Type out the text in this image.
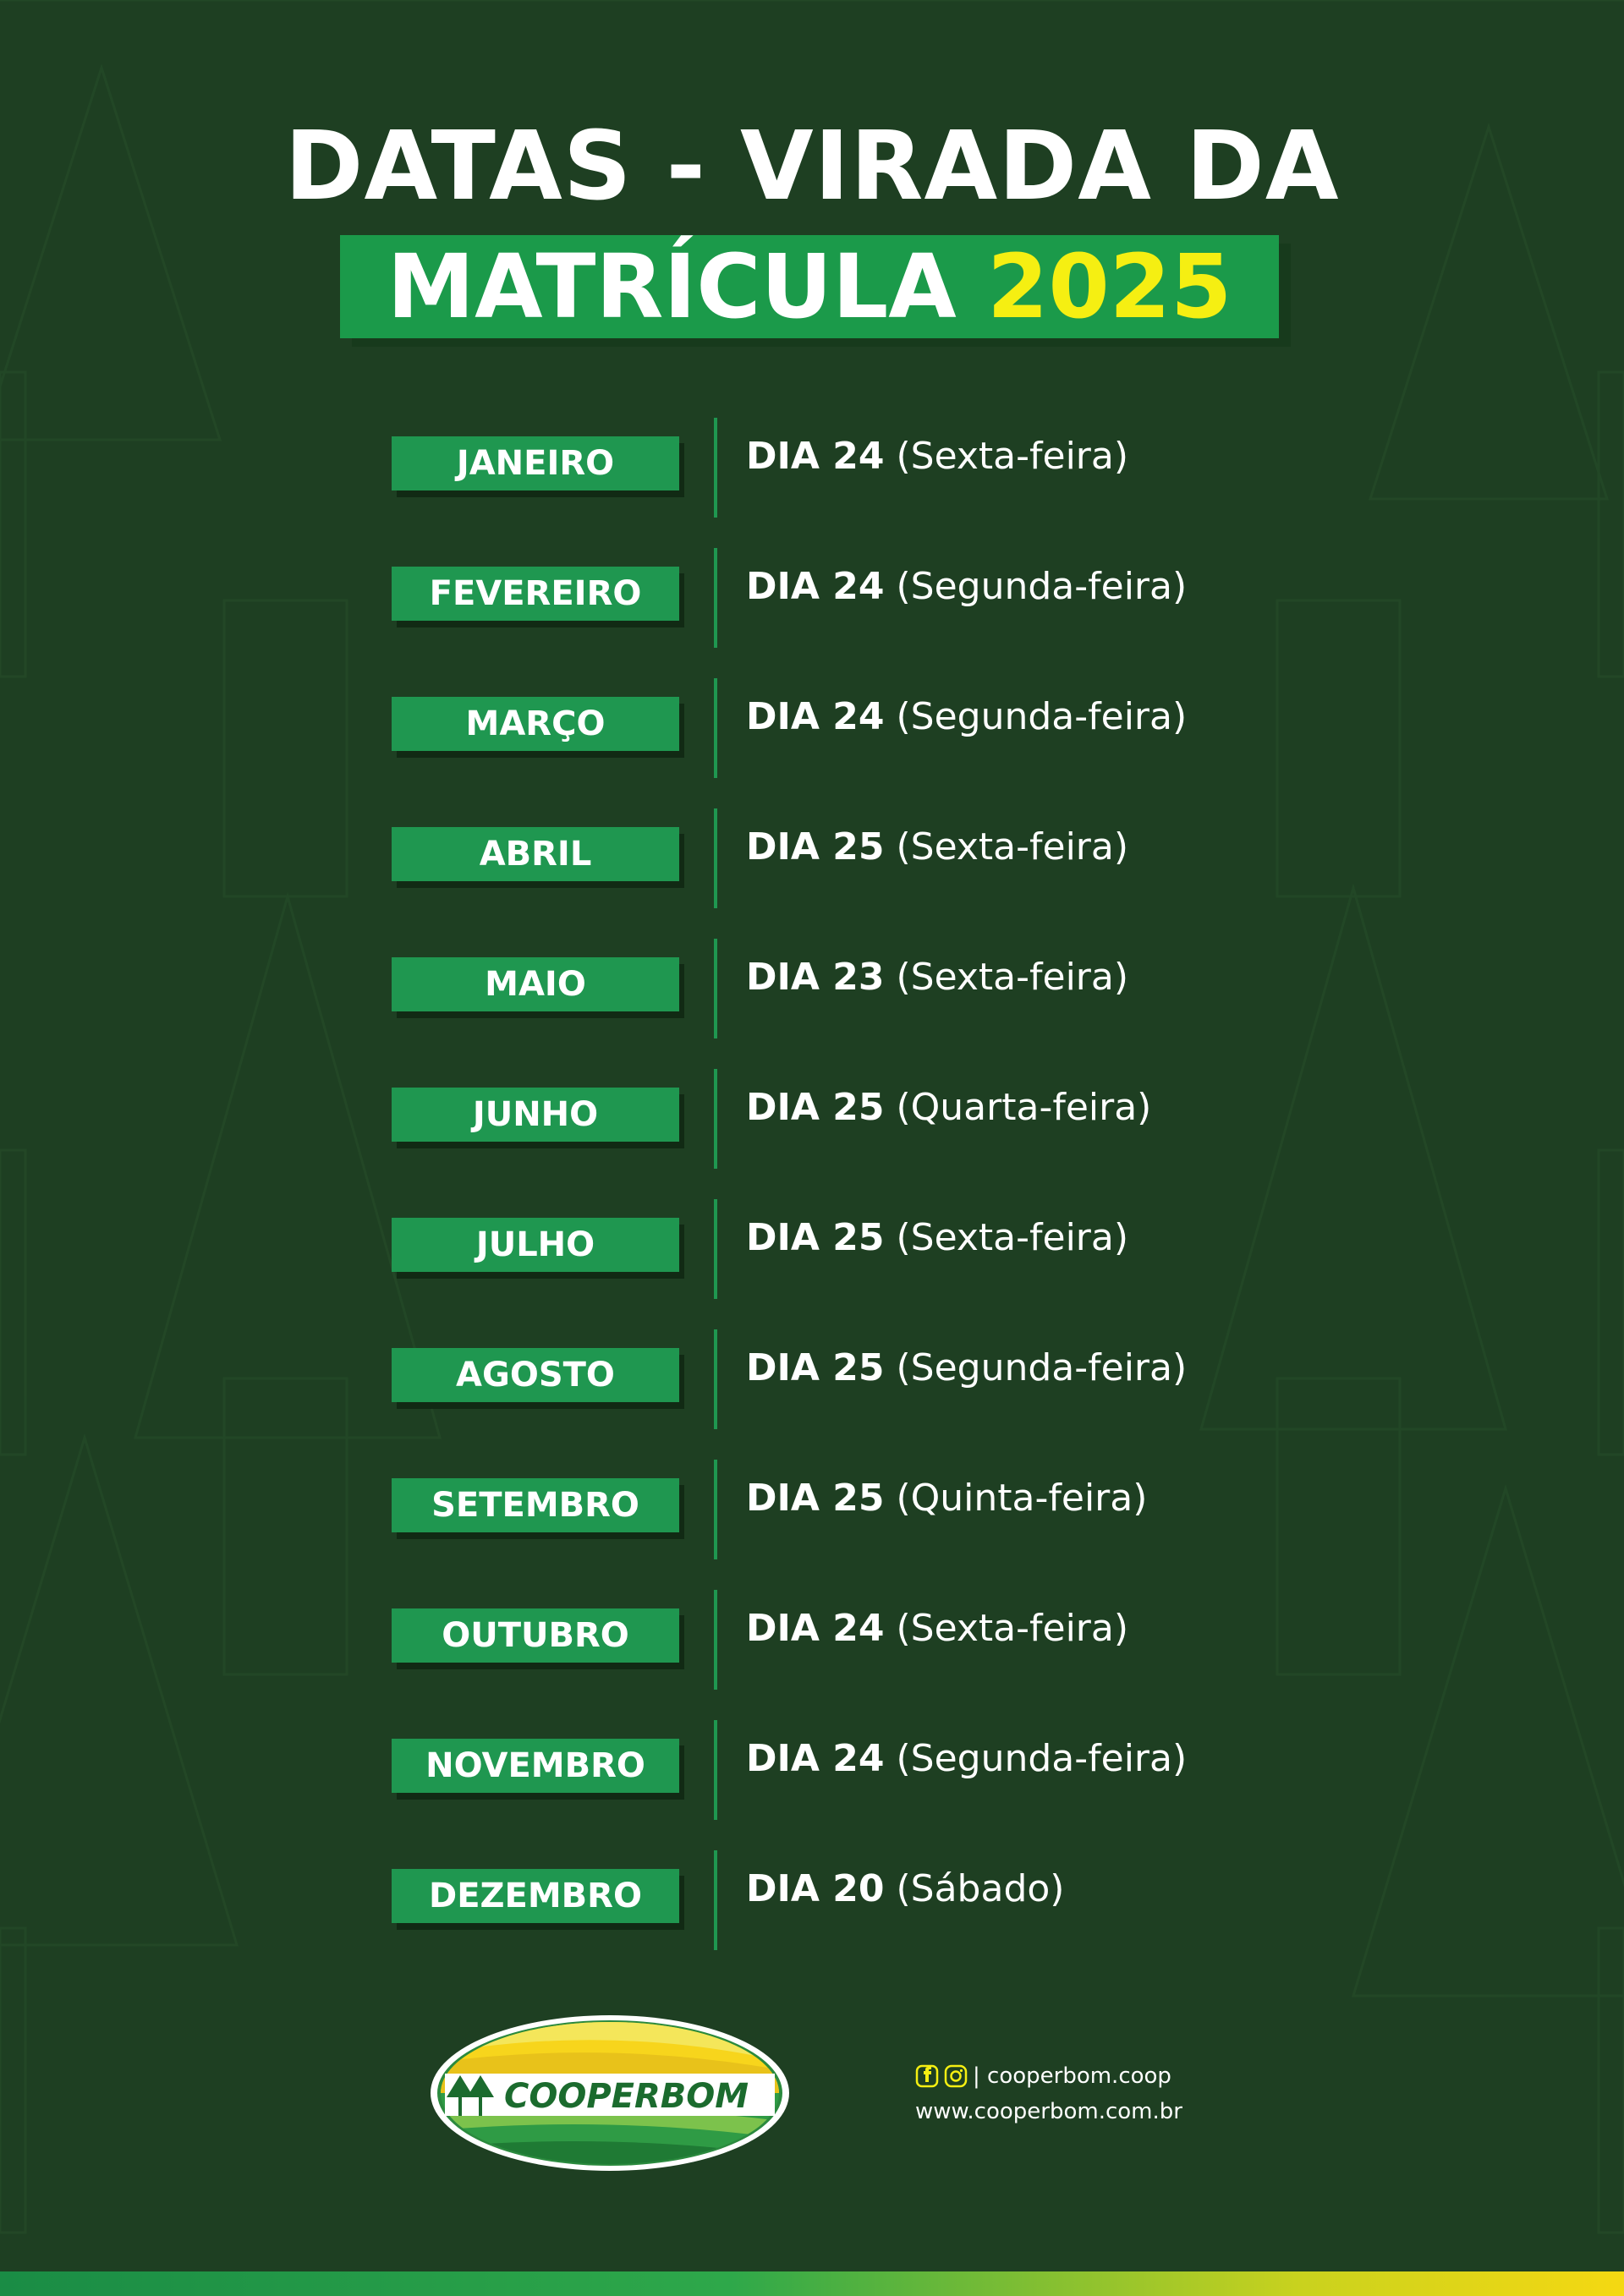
DATAS - VIRADA DA
MATRÍCULA 2025
JANEIRO	DIA 24 (Sexta-feira)
FEVEREIRO	DIA 24 (Segunda-feira)
MARÇO	DIA 24 (Segunda-feira)
ABRIL	DIA 25 (Sexta-feira)
MAIO	DIA 23 (Sexta-feira)
JUNHO	DIA 25 (Quarta-feira)
JULHO	DIA 25 (Sexta-feira)
AGOSTO	DIA 25 (Segunda-feira)
SETEMBRO	DIA 25 (Quinta-feira)
OUTUBRO	DIA 24 (Sexta-feira)
NOVEMBRO	DIA 24 (Segunda-feira)
DEZEMBRO	DIA 20 (Sábado)
COOPERBOM
| cooperbom.coop
www.cooperbom.com.br
